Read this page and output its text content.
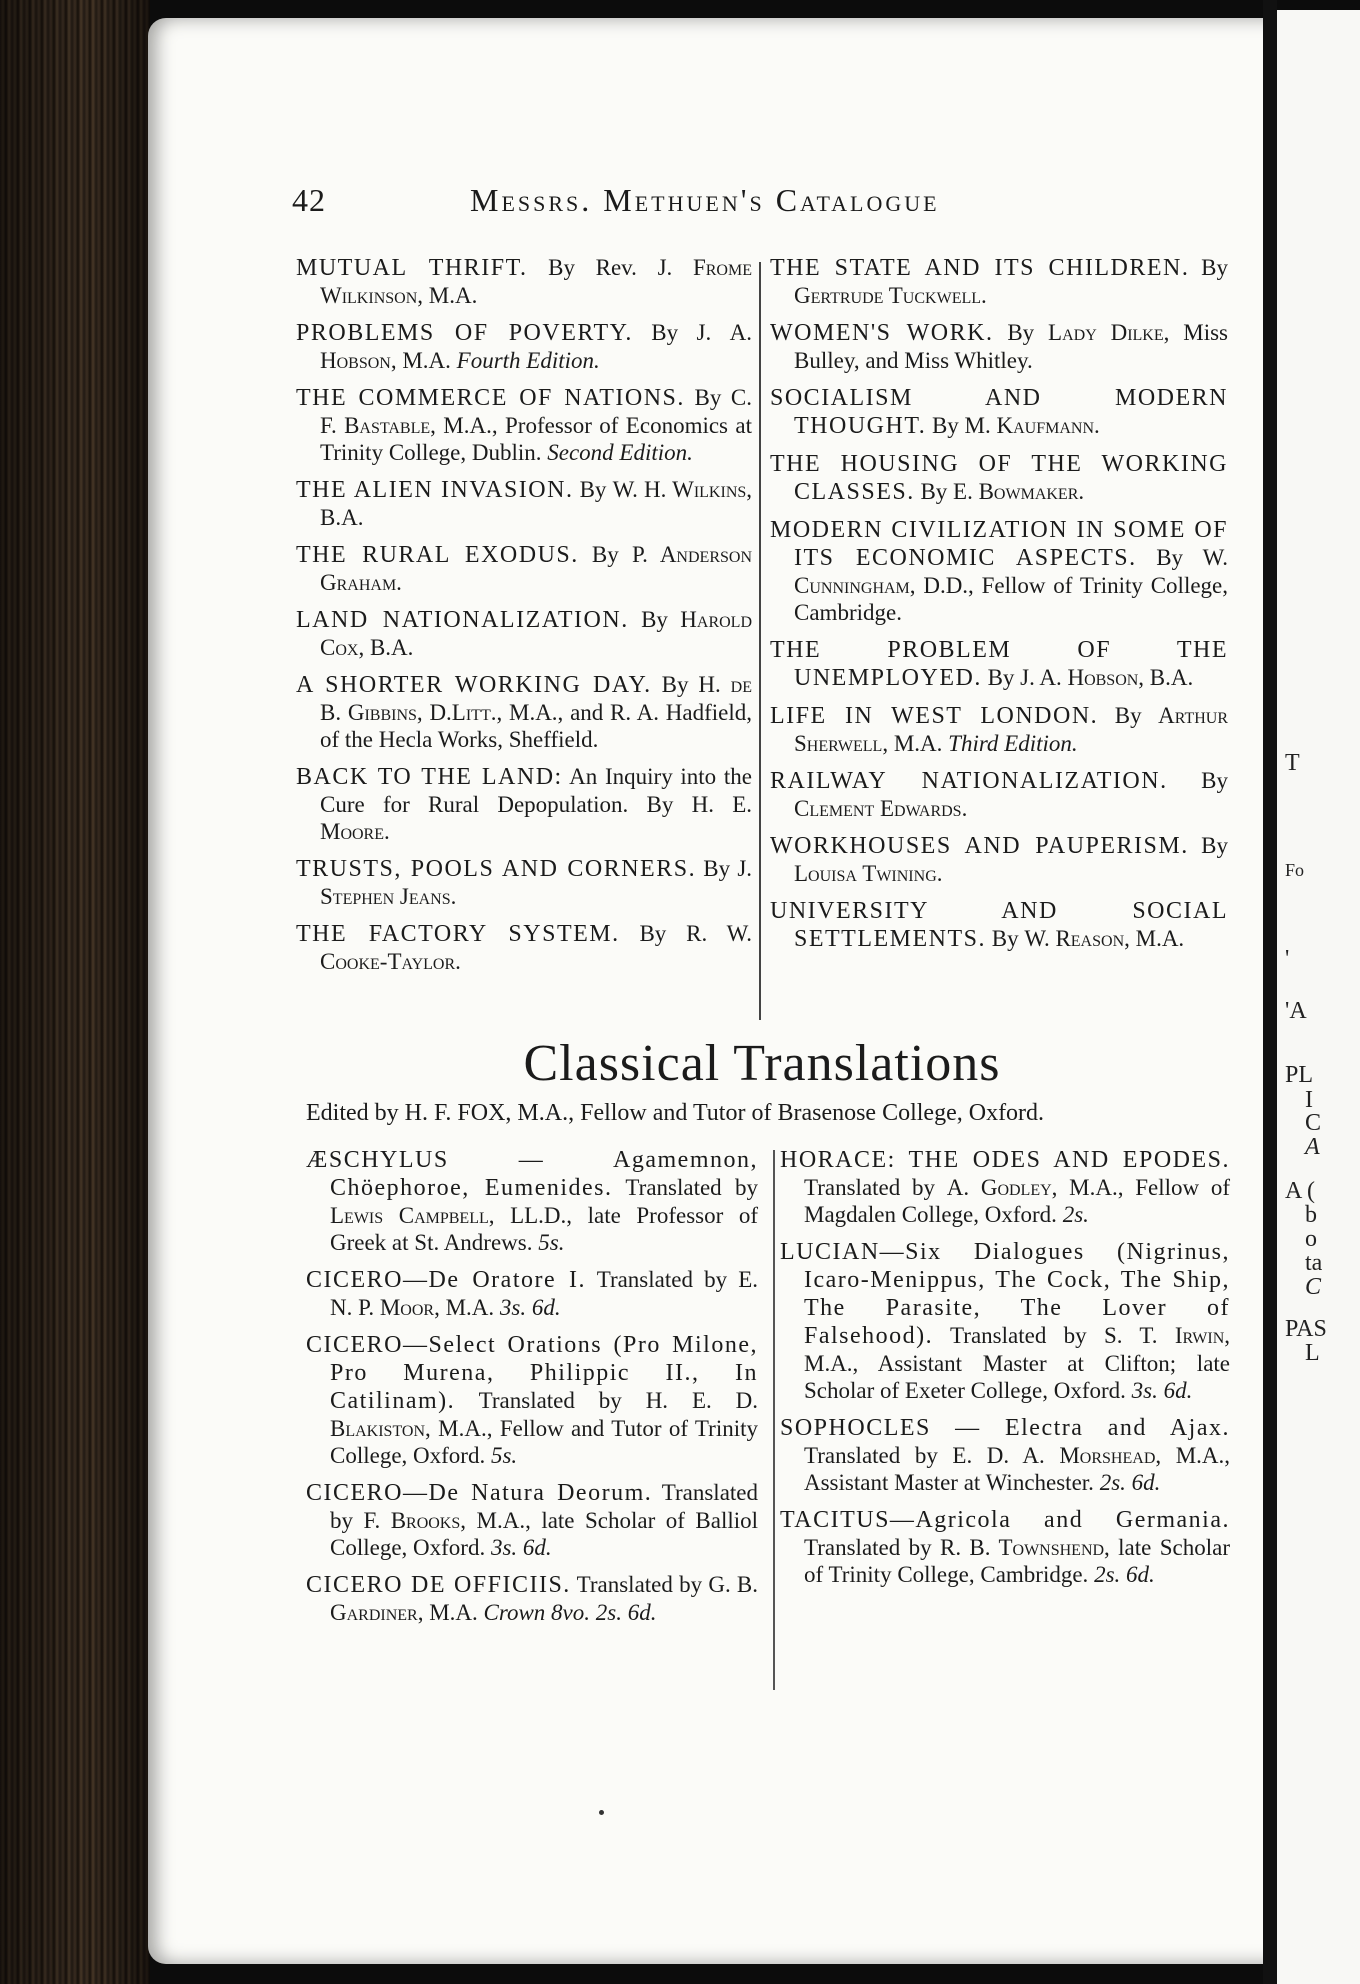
T
Fo
'
'A
PL
I
C
A
A (
b
o
ta
C
PAS
L
42	Messrs. Methuen's Catalogue

MUTUAL THRIFT. By Rev. J. Frome Wilkinson, M.A.

PROBLEMS OF POVERTY. By J. A. Hobson, M.A. Fourth Edition.

THE COMMERCE OF NATIONS. By C. F. Bastable, M.A., Professor of Economics at Trinity College, Dublin. Second Edition.

THE ALIEN INVASION. By W. H. Wilkins, B.A.

THE RURAL EXODUS. By P. Anderson Graham.

LAND NATIONALIZATION. By Harold Cox, B.A.

A SHORTER WORKING DAY. By H. de B. Gibbins, D.Litt., M.A., and R. A. Hadfield, of the Hecla Works, Sheffield.

BACK TO THE LAND: An Inquiry into the Cure for Rural Depopulation. By H. E. Moore.

TRUSTS, POOLS AND CORNERS. By J. Stephen Jeans.

THE FACTORY SYSTEM. By R. W. Cooke-Taylor.

THE STATE AND ITS CHILDREN. By Gertrude Tuckwell.

WOMEN'S WORK. By Lady Dilke, Miss Bulley, and Miss Whitley.

SOCIALISM AND MODERN THOUGHT. By M. Kaufmann.

THE HOUSING OF THE WORKING CLASSES. By E. Bowmaker.

MODERN CIVILIZATION IN SOME OF ITS ECONOMIC ASPECTS. By W. Cunningham, D.D., Fellow of Trinity College, Cambridge.

THE PROBLEM OF THE UNEMPLOYED. By J. A. Hobson, B.A.

LIFE IN WEST LONDON. By Arthur Sherwell, M.A. Third Edition.

RAILWAY NATIONALIZATION. By Clement Edwards.

WORKHOUSES AND PAUPERISM. By Louisa Twining.

UNIVERSITY AND SOCIAL SETTLEMENTS. By W. Reason, M.A.

Classical Translations
Edited by H. F. FOX, M.A., Fellow and Tutor of Brasenose College, Oxford.

ÆSCHYLUS — Agamemnon, Chöephoroe, Eumenides. Translated by Lewis Campbell, LL.D., late Professor of Greek at St. Andrews. 5s.

CICERO—De Oratore I. Translated by E. N. P. Moor, M.A. 3s. 6d.

CICERO—Select Orations (Pro Milone, Pro Murena, Philippic II., In Catilinam). Translated by H. E. D. Blakiston, M.A., Fellow and Tutor of Trinity College, Oxford. 5s.

CICERO—De Natura Deorum. Translated by F. Brooks, M.A., late Scholar of Balliol College, Oxford. 3s. 6d.

CICERO DE OFFICIIS. Translated by G. B. Gardiner, M.A. Crown 8vo. 2s. 6d.

HORACE: THE ODES AND EPODES. Translated by A. Godley, M.A., Fellow of Magdalen College, Oxford. 2s.

LUCIAN—Six Dialogues (Nigrinus, Icaro-Menippus, The Cock, The Ship, The Parasite, The Lover of Falsehood). Translated by S. T. Irwin, M.A., Assistant Master at Clifton; late Scholar of Exeter College, Oxford. 3s. 6d.

SOPHOCLES — Electra and Ajax. Translated by E. D. A. Morshead, M.A., Assistant Master at Winchester. 2s. 6d.

TACITUS—Agricola and Germania. Translated by R. B. Townshend, late Scholar of Trinity College, Cambridge. 2s. 6d.
